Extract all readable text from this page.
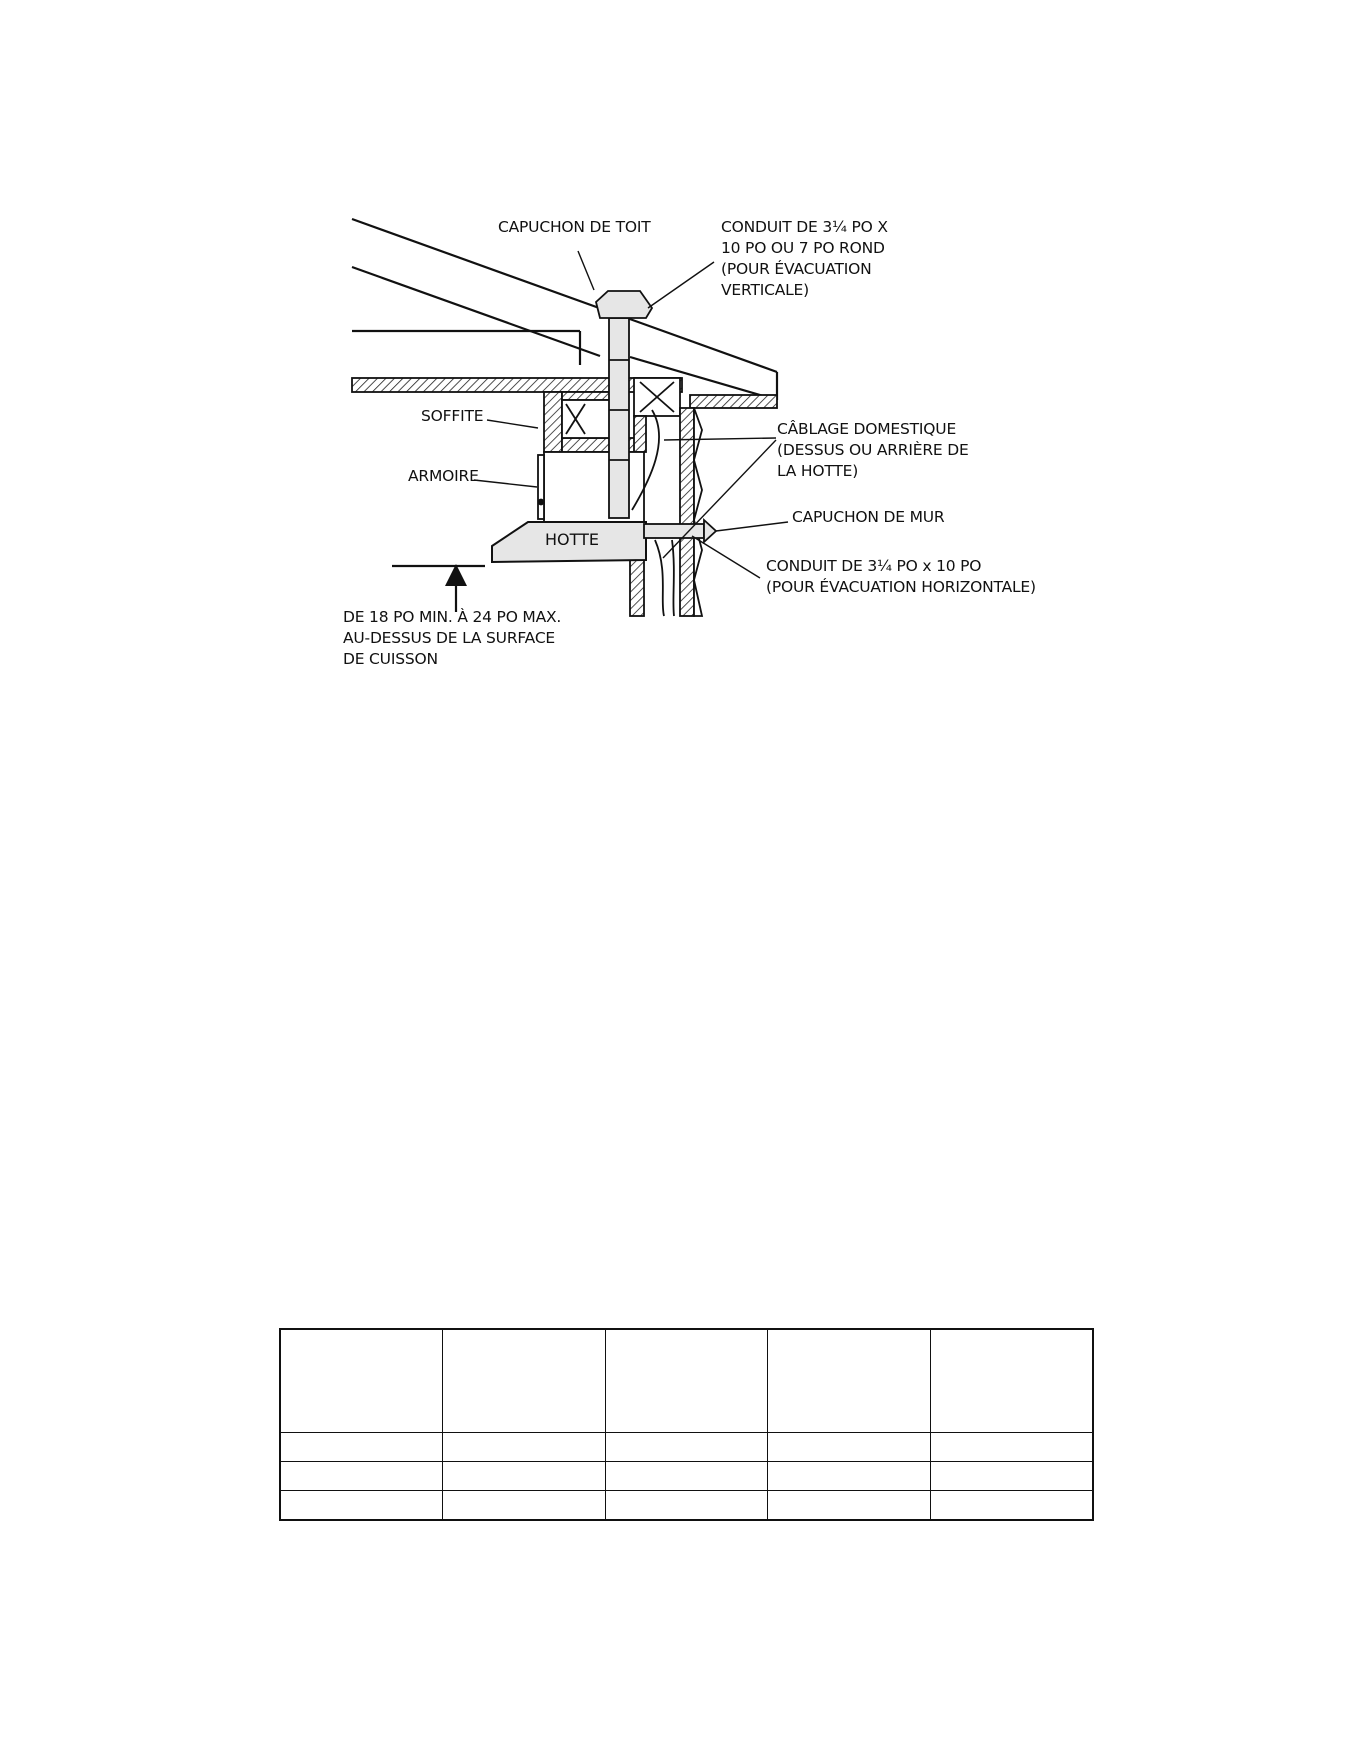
CAPUCHON DE TOIT	CONDUIT DE 3¼ PO X
10 PO OU 7 PO ROND
(POUR ÉVACUATION
VERTICALE)
SOFFITE
ARMOIRE
CÂBLAGE DOMESTIQUE
(DESSUS OU ARRIÈRE DE
LA HOTTE)
CAPUCHON DE MUR
HOTTE
CONDUIT DE 3¼ PO x 10 PO
(POUR ÉVACUATION HORIZONTALE)
DE 18 PO MIN. À 24 PO MAX.
AU-DESSUS DE LA SURFACE
DE CUISSON
